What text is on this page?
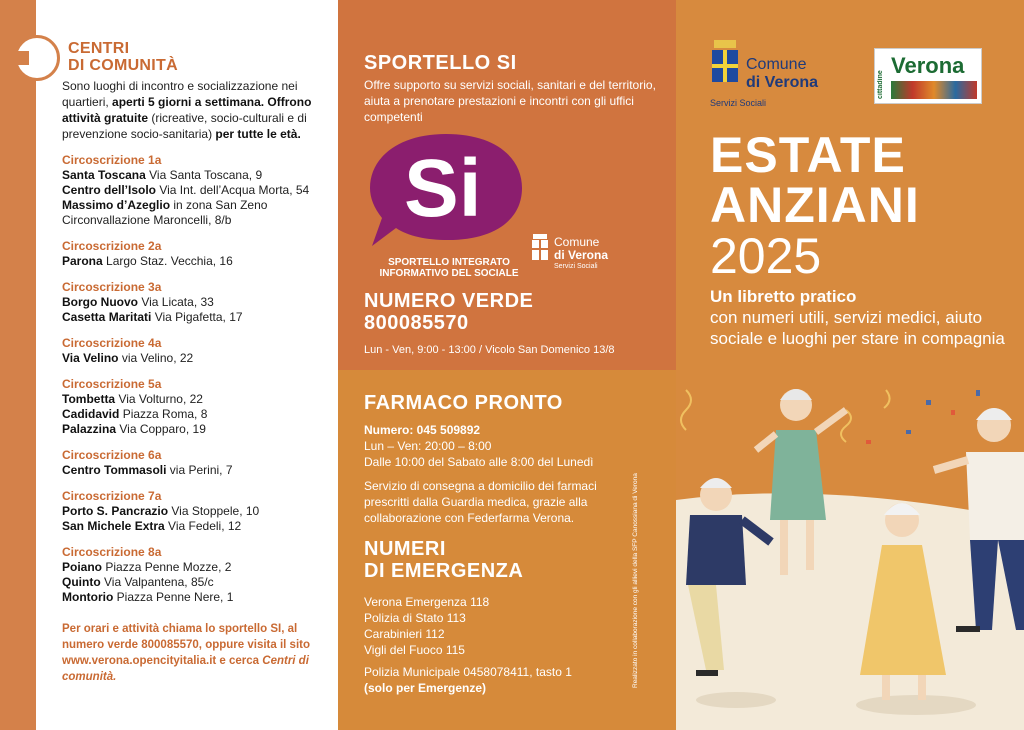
CENTRI
DI COMUNITÀ
Sono luoghi di incontro e socializzazione nei quartieri, aperti 5 giorni a settimana. Offrono attività gratuite (ricreative, socio-culturali e di prevenzione socio-sanitaria) per tutte le età.
Circoscrizione 1a
Santa Toscana Via Santa Toscana, 9
Centro dell’Isolo Via Int. dell’Acqua Morta, 54
Massimo d’Azeglio in zona San Zeno
Circonvallazione Maroncelli, 8/b
Circoscrizione 2a
Parona Largo Staz. Vecchia, 16
Circoscrizione 3a
Borgo Nuovo Via Licata, 33
Casetta Maritati Via Pigafetta, 17
Circoscrizione 4a
Via Velino via Velino, 22
Circoscrizione 5a
Tombetta Via Volturno, 22
Cadidavid Piazza Roma, 8
Palazzina Via Copparo, 19
Circoscrizione 6a
Centro Tommasoli via Perini, 7
Circoscrizione 7a
Porto S. Pancrazio Via Stoppele, 10
San Michele Extra Via Fedeli, 12
Circoscrizione 8a
Poiano Piazza Penne Mozze, 2
Quinto Via Valpantena, 85/c
Montorio Piazza Penne Nere, 1
Per orari e attività chiama lo sportello SI, al numero verde 800085570, oppure visita il sito www.verona.opencityitalia.it e cerca Centri di comunità.
SPORTELLO SI
Offre supporto su servizi sociali, sanitari e del territorio, aiuta a prenotare prestazioni e incontri con gli uffici competenti
Si
SPORTELLO INTEGRATO
INFORMATIVO DEL SOCIALE
Comune
di Verona
Servizi Sociali
NUMERO VERDE
800085570
Lun - Ven, 9:00 - 13:00 / Vicolo San Domenico 13/8
FARMACO PRONTO
Numero: 045 509892
Lun – Ven: 20:00 – 8:00
Dalle 10:00 del Sabato alle 8:00 del Lunedì
Servizio di consegna a domicilio dei farmaci prescritti dalla Guardia medica, grazie alla collaborazione con Federfarma Verona.
NUMERI
DI EMERGENZA
Verona Emergenza 118
Polizia di Stato 113
Carabinieri 112
Vigli del Fuoco 115
Polizia Municipale 0458078411, tasto 1
(solo per Emergenze)	Realizzato in collaborazione con gli allievi della SFP Canossiana di Verona
Comune
di Verona
Servizi Sociali
cittadine
Verona
ESTATE
ANZIANI
2025
Un libretto pratico
con numeri utili, servizi medici, aiuto sociale e luoghi per stare in compagnia
